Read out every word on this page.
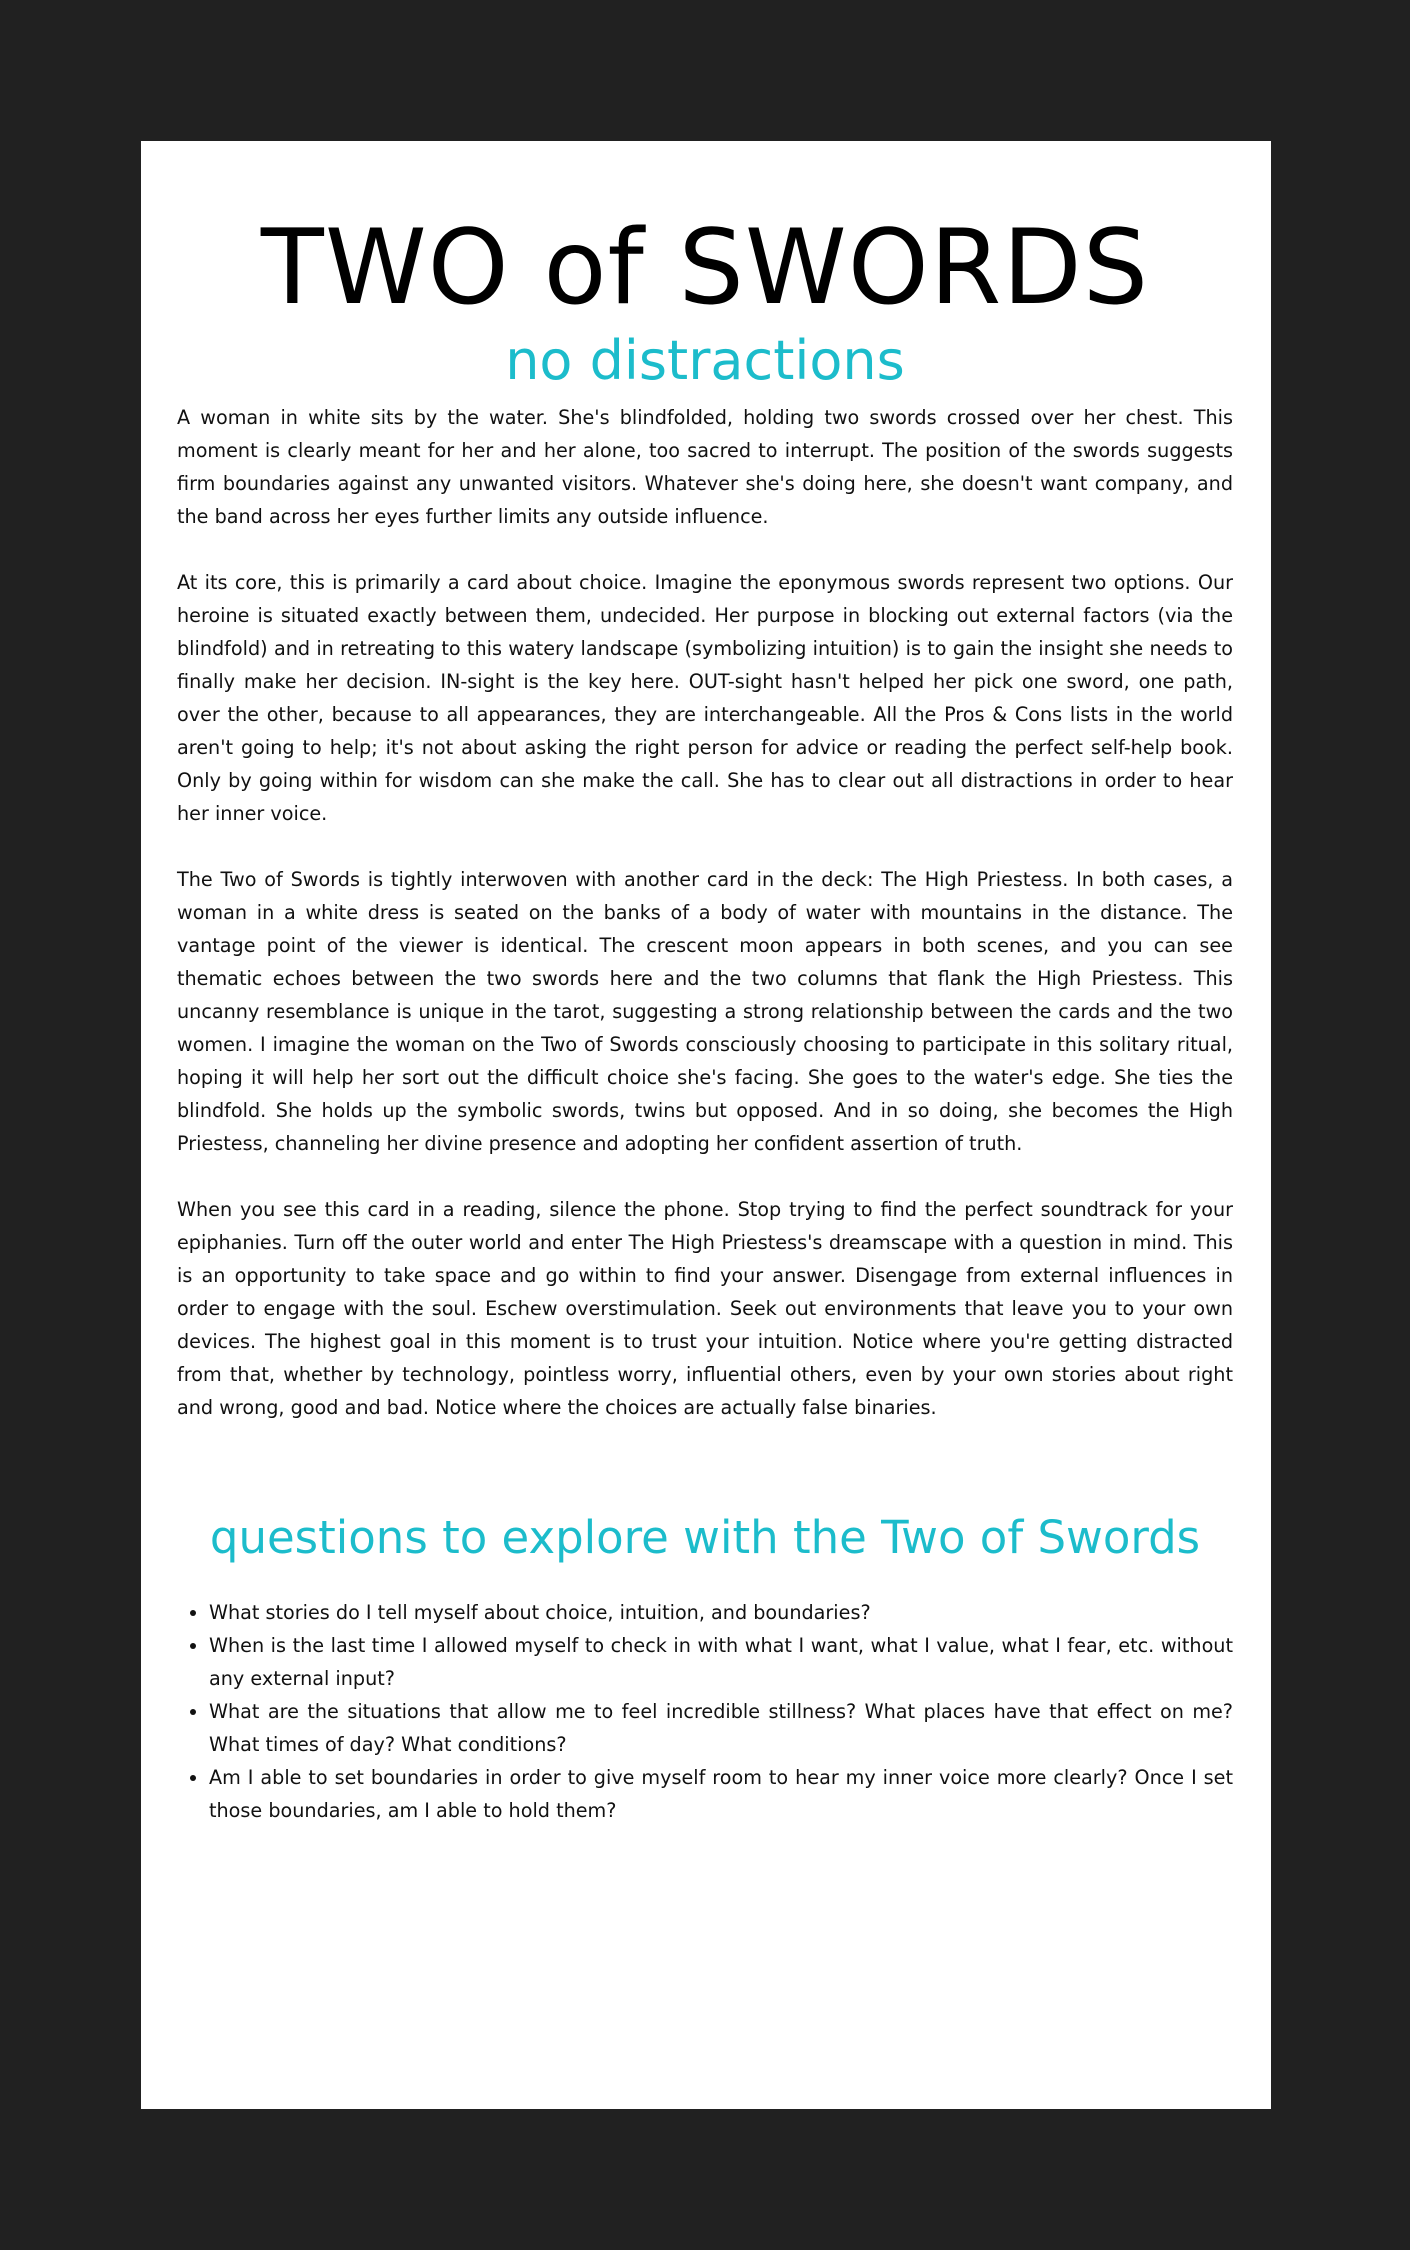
TWO of SWORDS
no distractions

A woman in white sits by the water. She's blindfolded, holding two swords crossed over her chest. This moment is clearly meant for her and her alone, too sacred to interrupt. The position of the swords suggests firm boundaries against any unwanted visitors. Whatever she's doing here, she doesn't want company, and the band across her eyes further limits any outside influence.

At its core, this is primarily a card about choice. Imagine the eponymous swords represent two options. Our heroine is situated exactly between them, undecided. Her purpose in blocking out external factors (via the blindfold) and in retreating to this watery landscape (symbolizing intuition) is to gain the insight she needs to finally make her decision. IN-sight is the key here. OUT-sight hasn't helped her pick one sword, one path, over the other, because to all appearances, they are interchangeable. All the Pros & Cons lists in the world aren't going to help; it's not about asking the right person for advice or reading the perfect self-help book. Only by going within for wisdom can she make the call. She has to clear out all distractions in order to hear her inner voice.

The Two of Swords is tightly interwoven with another card in the deck: The High Priestess. In both cases, a woman in a white dress is seated on the banks of a body of water with mountains in the distance. The vantage point of the viewer is identical. The crescent moon appears in both scenes, and you can see thematic echoes between the two swords here and the two columns that flank the High Priestess. This uncanny resemblance is unique in the tarot, suggesting a strong relationship between the cards and the two women. I imagine the woman on the Two of Swords consciously choosing to participate in this solitary ritual, hoping it will help her sort out the difficult choice she's facing. She goes to the water's edge. She ties the blindfold. She holds up the symbolic swords, twins but opposed. And in so doing, she becomes the High Priestess, channeling her divine presence and adopting her confident assertion of truth.

When you see this card in a reading, silence the phone. Stop trying to find the perfect soundtrack for your epiphanies. Turn off the outer world and enter The High Priestess's dreamscape with a question in mind. This is an opportunity to take space and go within to find your answer. Disengage from external influences in order to engage with the soul. Eschew overstimulation. Seek out environments that leave you to your own devices. The highest goal in this moment is to trust your intuition. Notice where you're getting distracted from that, whether by technology, pointless worry, influential others, even by your own stories about right and wrong, good and bad. Notice where the choices are actually false binaries.

questions to explore with the Two of Swords
• What stories do I tell myself about choice, intuition, and boundaries?
• When is the last time I allowed myself to check in with what I want, what I value, what I fear, etc. without any external input?
• What are the situations that allow me to feel incredible stillness? What places have that effect on me? What times of day? What conditions?
• Am I able to set boundaries in order to give myself room to hear my inner voice more clearly? Once I set those boundaries, am I able to hold them?
